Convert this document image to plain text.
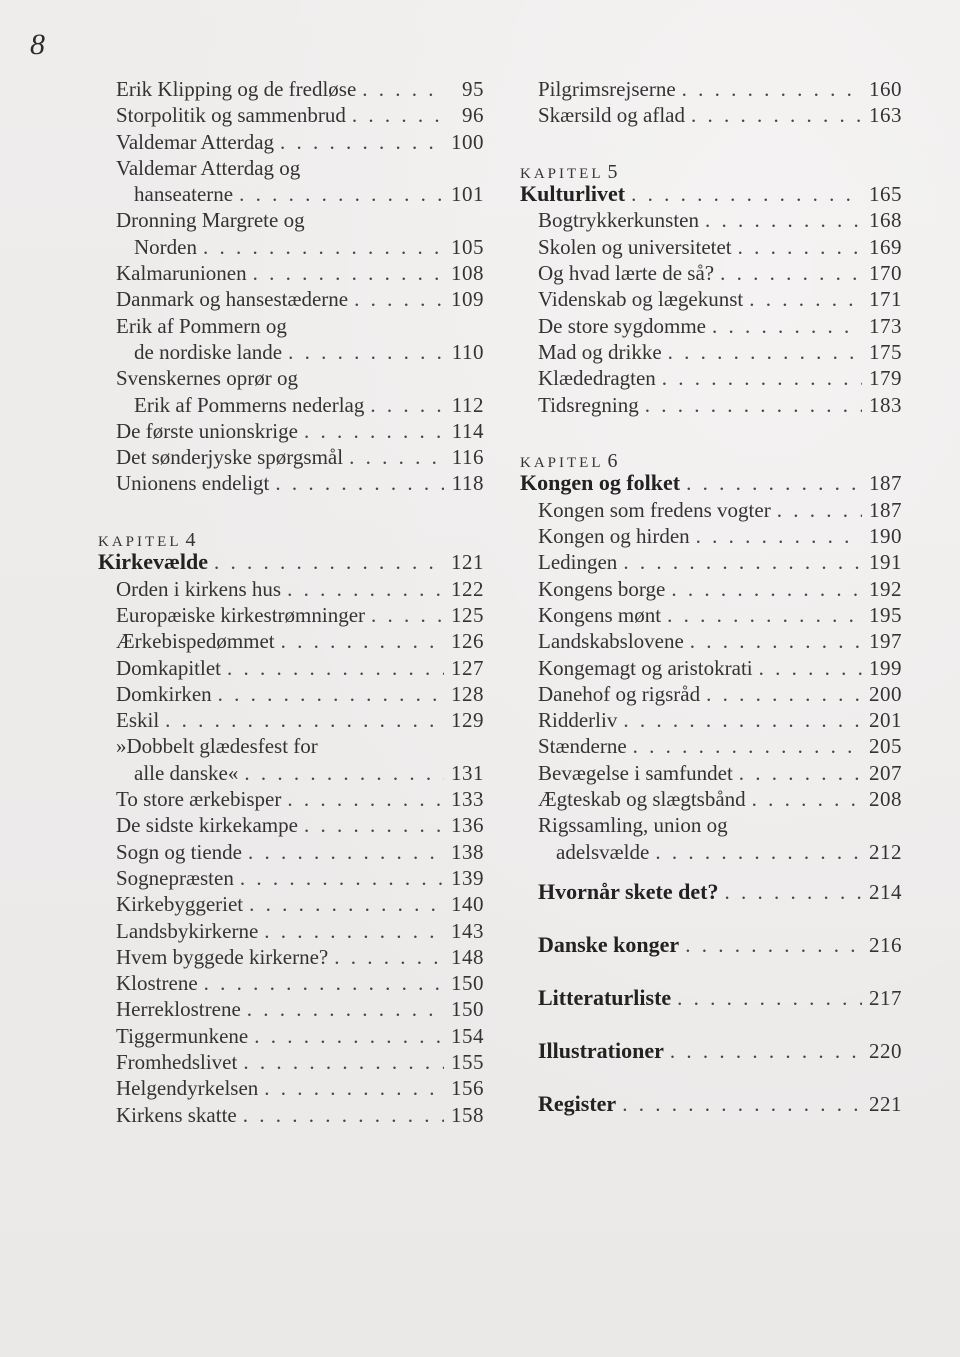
8
Erik Klipping og de fredløse . . .	95
Storpolitik og sammenbrud . . .	96
Valdemar Atterdag . . .	100
Valdemar Atterdag og
hanseaterne . . .	101
Dronning Margrete og
Norden . . .	105
Kalmarunionen . . .	108
Danmark og hansestæderne . . .	109
Erik af Pommern og
de nordiske lande . . .	110
Svenskernes oprør og
Erik af Pommerns nederlag . . .	112
De første unionskrige . . .	114
Det sønderjyske spørgsmål . . .	116
Unionens endeligt . . .	118
KAPITEL 4
Kirkevælde . . .	121
Orden i kirkens hus . . .	122
Europæiske kirkestrømninger . . .	125
Ærkebispedømmet . . .	126
Domkapitlet . . .	127
Domkirken . . .	128
Eskil . . .	129
»Dobbelt glædesfest for
alle danske« . . .	131
To store ærkebisper . . .	133
De sidste kirkekampe . . .	136
Sogn og tiende . . .	138
Sognepræsten . . .	139
Kirkebyggeriet . . .	140
Landsbykirkerne . . .	143
Hvem byggede kirkerne? . . .	148
Klostrene . . .	150
Herreklostrene . . .	150
Tiggermunkene . . .	154
Fromhedslivet . . .	155
Helgendyrkelsen . . .	156
Kirkens skatte . . .	158
Pilgrimsrejserne . . .	160
Skærsild og aflad . . .	163
KAPITEL 5
Kulturlivet . . .	165
Bogtrykkerkunsten . . .	168
Skolen og universitetet . . .	169
Og hvad lærte de så? . . .	170
Videnskab og lægekunst . . .	171
De store sygdomme . . .	173
Mad og drikke . . .	175
Klædedragten . . .	179
Tidsregning . . .	183
KAPITEL 6
Kongen og folket . . .	187
Kongen som fredens vogter . . .	187
Kongen og hirden . . .	190
Ledingen . . .	191
Kongens borge . . .	192
Kongens mønt . . .	195
Landskabslovene . . .	197
Kongemagt og aristokrati . . .	199
Danehof og rigsråd . . .	200
Ridderliv . . .	201
Stænderne . . .	205
Bevægelse i samfundet . . .	207
Ægteskab og slægtsbånd . . .	208
Rigssamling, union og
adelsvælde . . .	212
Hvornår skete det? . . .	214
Danske konger . . .	216
Litteraturliste . . .	217
Illustrationer . . .	220
Register . . .	221
